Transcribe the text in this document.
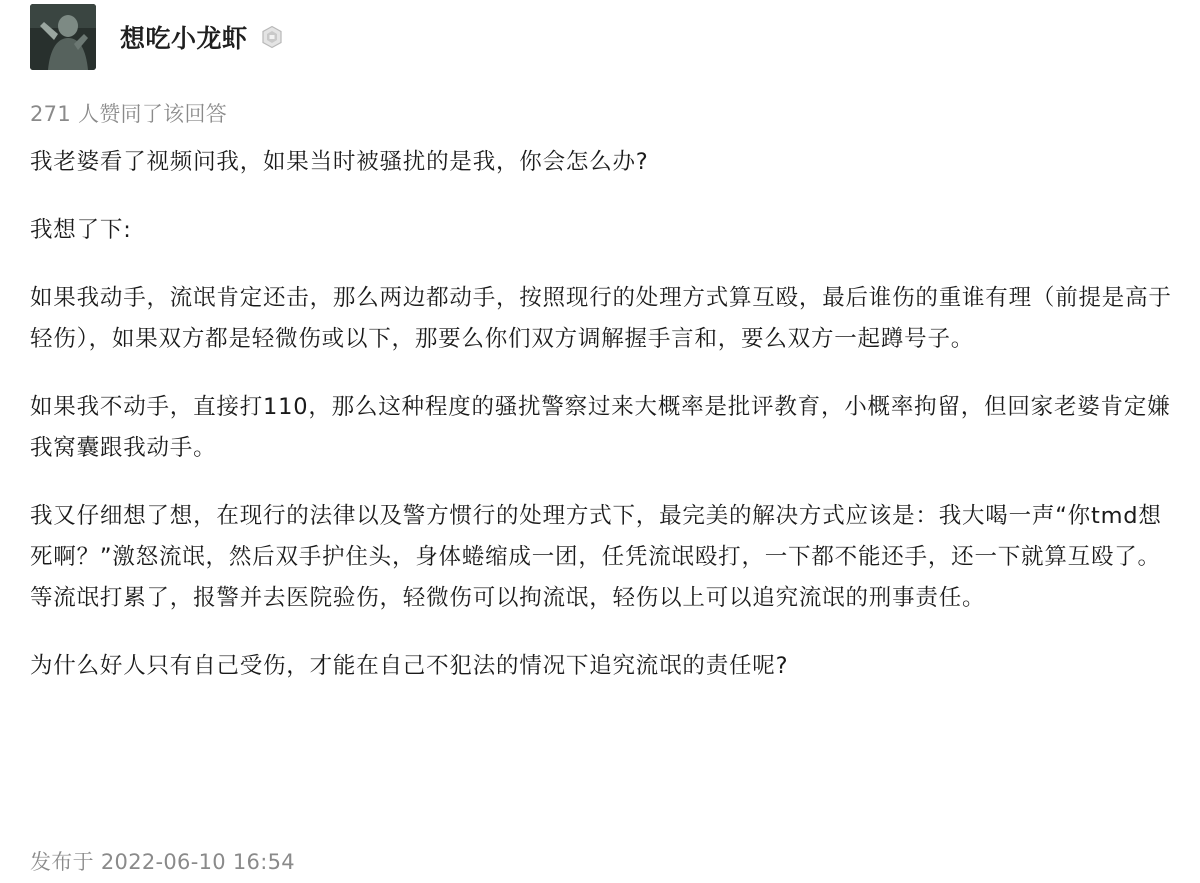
想吃小龙虾
271 人赞同了该回答

我老婆看了视频问我，如果当时被骚扰的是我，你会怎么办?

我想了下:

如果我动手，流氓肯定还击，那么两边都动手，按照现行的处理方式算互殴，最后谁伤的重谁有理（前提是高于轻伤），如果双方都是轻微伤或以下，那要么你们双方调解握手言和，要么双方一起蹲号子。

如果我不动手，直接打110，那么这种程度的骚扰警察过来大概率是批评教育，小概率拘留，但回家老婆肯定嫌我窝囊跟我动手。

我又仔细想了想，在现行的法律以及警方惯行的处理方式下，最完美的解决方式应该是：我大喝一声“你tmd想死啊？”激怒流氓，然后双手护住头，身体蜷缩成一团，任凭流氓殴打，一下都不能还手，还一下就算互殴了。等流氓打累了，报警并去医院验伤，轻微伤可以拘流氓，轻伤以上可以追究流氓的刑事责任。

为什么好人只有自己受伤，才能在自己不犯法的情况下追究流氓的责任呢?

发布于 2022-06-10 16:54
